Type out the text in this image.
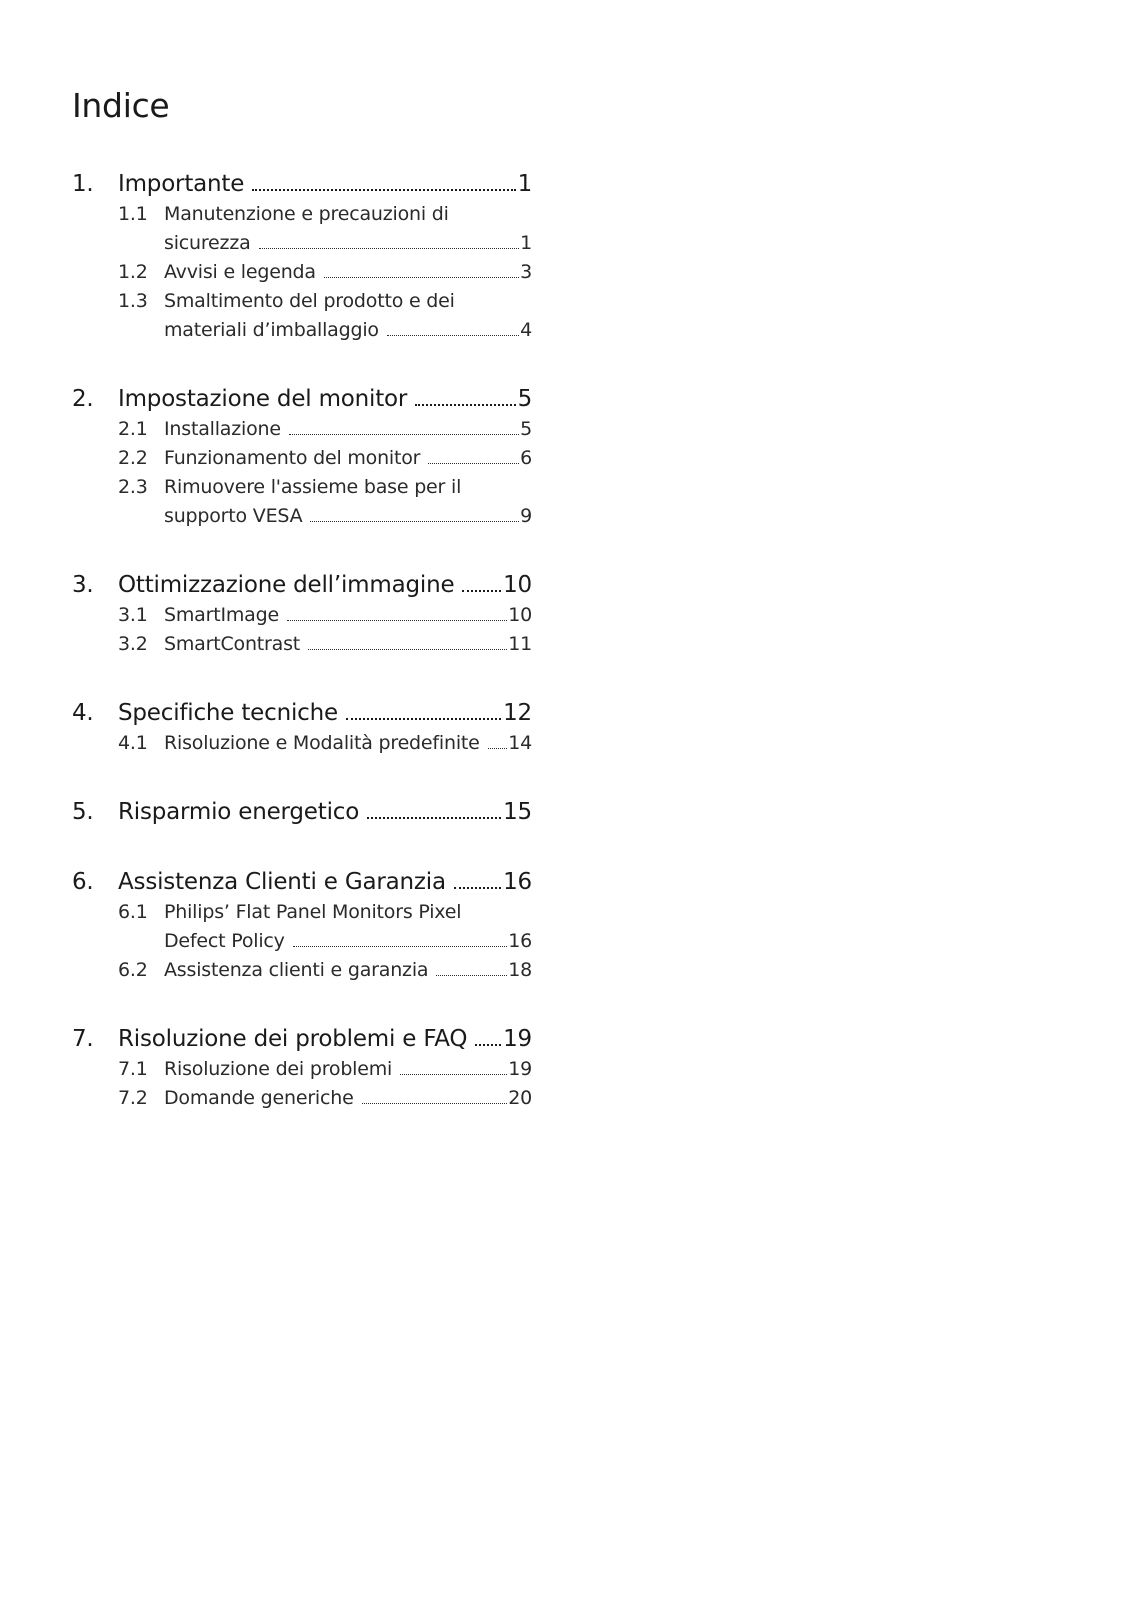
Indice
1.	Importante	1
1.1 Manutenzione e precauzioni di
sicurezza	1
1.2 Avvisi e legenda	3
1.3 Smaltimento del prodotto e dei
materiali d’imballaggio	4
2.	Impostazione del monitor	5
2.1 Installazione	5
2.2 Funzionamento del monitor	6
2.3 Rimuovere l'assieme base per il
supporto VESA	9
3.	Ottimizzazione dell’immagine	10
3.1 SmartImage	10
3.2 SmartContrast	11
4.	Specifiche tecniche	12
4.1 Risoluzione e Modalità predefinite	14
5.	Risparmio energetico	15
6.	Assistenza Clienti e Garanzia	16
6.1 Philips’ Flat Panel Monitors Pixel
Defect Policy	16
6.2 Assistenza clienti e garanzia	18
7.	Risoluzione dei problemi e FAQ	19
7.1 Risoluzione dei problemi	19
7.2 Domande generiche	20
